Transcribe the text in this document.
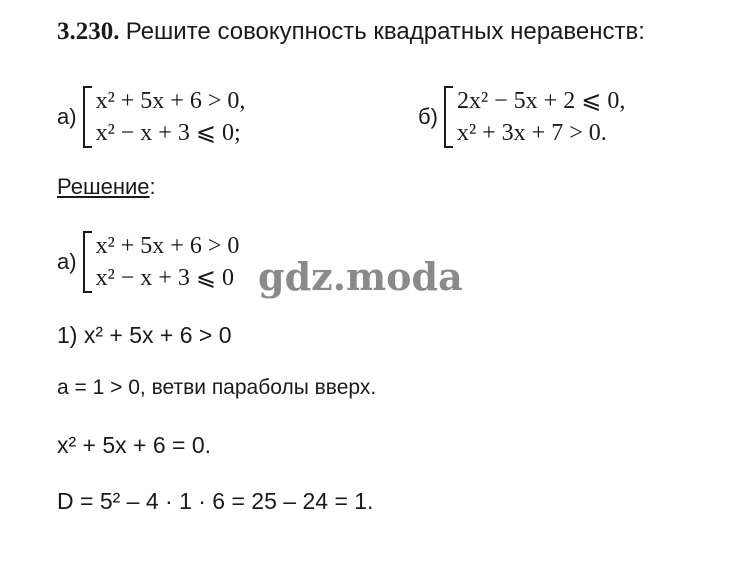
3.230. Решите совокупность квадратных неравенств:
а)
x² + 5x + 6 > 0,
x² − x + 3 ⩽ 0;
б)
2x² − 5x + 2 ⩽ 0,
x² + 3x + 7 > 0.
Решение:
а)
x² + 5x + 6 > 0
x² − x + 3 ⩽ 0 gdz.moda
1) x² + 5x + 6 > 0
a = 1 > 0, ветви параболы вверх.
x² + 5x + 6 = 0.
D = 5² – 4 · 1 · 6 = 25 – 24 = 1.
